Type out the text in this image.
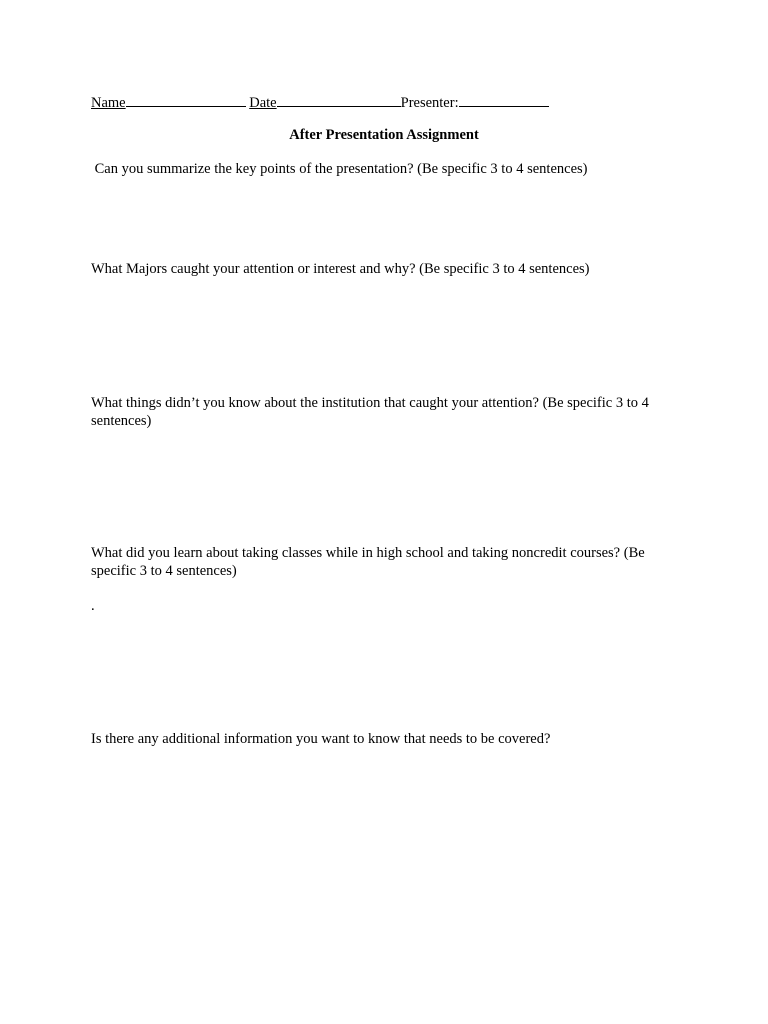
Name	Date	Presenter:
After Presentation Assignment
Can you summarize the key points of the presentation? (Be specific 3 to 4 sentences)
What Majors caught your attention or interest and why? (Be specific 3 to 4 sentences)
What things didn’t you know about the institution that caught your attention? (Be specific 3 to 4 sentences)
What did you learn about taking classes while in high school and taking noncredit courses? (Be specific 3 to 4 sentences)
.
Is there any additional information you want to know that needs to be covered?
